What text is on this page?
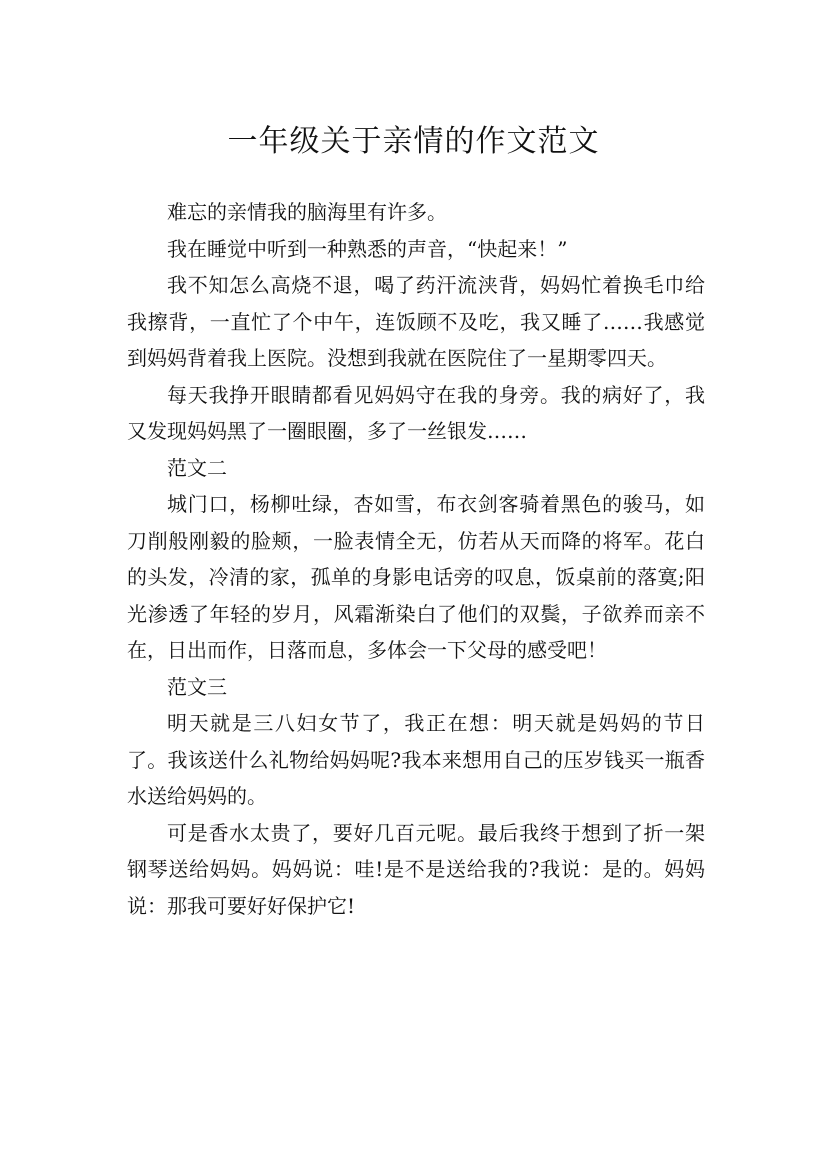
一年级关于亲情的作文范文

难忘的亲情我的脑海里有许多。

我在睡觉中听到一种熟悉的声音，“快起来！”

我不知怎么高烧不退，喝了药汗流浃背，妈妈忙着换毛巾给我擦背，一直忙了个中午，连饭顾不及吃，我又睡了……我感觉到妈妈背着我上医院。没想到我就在医院住了一星期零四天。

每天我挣开眼睛都看见妈妈守在我的身旁。我的病好了，我又发现妈妈黑了一圈眼圈，多了一丝银发……

范文二

城门口，杨柳吐绿，杏如雪，布衣剑客骑着黑色的骏马，如刀削般刚毅的脸颊，一脸表情全无，仿若从天而降的将军。花白的头发，冷清的家，孤单的身影电话旁的叹息，饭桌前的落寞;阳光渗透了年轻的岁月，风霜渐染白了他们的双鬓，子欲养而亲不在，日出而作，日落而息，多体会一下父母的感受吧！

范文三

明天就是三八妇女节了，我正在想：明天就是妈妈的节日了。我该送什么礼物给妈妈呢?我本来想用自己的压岁钱买一瓶香水送给妈妈的。

可是香水太贵了，要好几百元呢。最后我终于想到了折一架钢琴送给妈妈。妈妈说：哇!是不是送给我的?我说：是的。妈妈说：那我可要好好保护它!
